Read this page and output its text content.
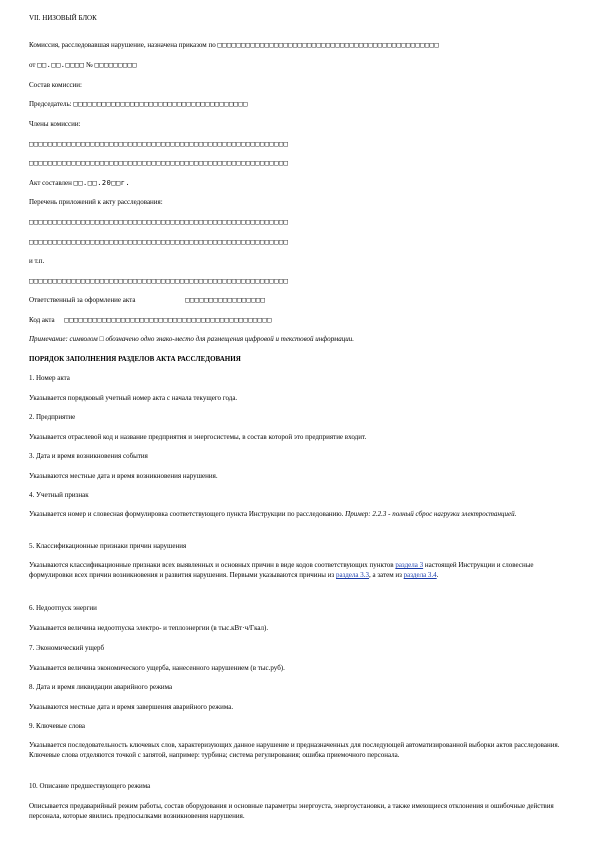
VII. НИЗОВЫЙ БЛОК
Комиссия, расследовавшая нарушение, назначена приказом по □□□□□□□□□□□□□□□□□□□□□□□□□□□□□□□□□□□□□□□□□□□□□□□
от □□.□□.□□□□ № □□□□□□□□□
Состав комиссии:
Председатель: □□□□□□□□□□□□□□□□□□□□□□□□□□□□□□□□□□□□□
Члены комиссии:
□□□□□□□□□□□□□□□□□□□□□□□□□□□□□□□□□□□□□□□□□□□□□□□□□□□□□□□
□□□□□□□□□□□□□□□□□□□□□□□□□□□□□□□□□□□□□□□□□□□□□□□□□□□□□□□
Акт составлен □□.□□.20□□г.
Перечень приложений к акту расследования:
□□□□□□□□□□□□□□□□□□□□□□□□□□□□□□□□□□□□□□□□□□□□□□□□□□□□□□□
□□□□□□□□□□□□□□□□□□□□□□□□□□□□□□□□□□□□□□□□□□□□□□□□□□□□□□□
и т.п.
□□□□□□□□□□□□□□□□□□□□□□□□□□□□□□□□□□□□□□□□□□□□□□□□□□□□□□□
Ответственный за оформление акта	□□□□□□□□□□□□□□□□□
Код акта □□□□□□□□□□□□□□□□□□□□□□□□□□□□□□□□□□□□□□□□□□□□
Примечание: символом □ обозначено одно знако-место для размещения цифровой и текстовой информации.
ПОРЯДОК ЗАПОЛНЕНИЯ РАЗДЕЛОВ АКТА РАССЛЕДОВАНИЯ
1. Номер акта
Указывается порядковый учетный номер акта с начала текущего года.
2. Предприятие
Указывается отраслевой код и название предприятия и энергосистемы, в состав которой это предприятие входит.
3. Дата и время возникновения события
Указываются местные дата и время возникновения нарушения.
4. Учетный признак
Указывается номер и словесная формулировка соответствующего пункта Инструкции по расследованию. Пример: 2.2.3 - полный сброс нагрузки электростанцией.
5. Классификационные признаки причин нарушения
Указываются классификационные признаки всех выявленных и основных причин в виде кодов соответствующих пунктов раздела 3 настоящей Инструкции и словесные формулировки всех причин возникновения и развития нарушения. Первыми указываются причины из раздела 3.3, а затем из раздела 3.4.
6. Недоотпуск энергии
Указывается величина недоотпуска электро- и теплоэнергии (в тыс.кВт·ч/Гкал).
7. Экономический ущерб
Указывается величина экономического ущерба, нанесенного нарушением (в тыс.руб).
8. Дата и время ликвидации аварийного режима
Указываются местные дата и время завершения аварийного режима.
9. Ключевые слова
Указывается последовательность ключевых слов, характеризующих данное нарушение и предназначенных для последующей автоматизированной выборки актов расследования. Ключевые слова отделяются точкой с запятой, например: турбина; система регулирования; ошибка приемочного персонала.
10. Описание предшествующего режима
Описывается предаварийный режим работы, состав оборудования и основные параметры энергоуста, энергоустановки, а также имеющиеся отклонения и ошибочные действия персонала, которые явились предпосылками возникновения нарушения.
